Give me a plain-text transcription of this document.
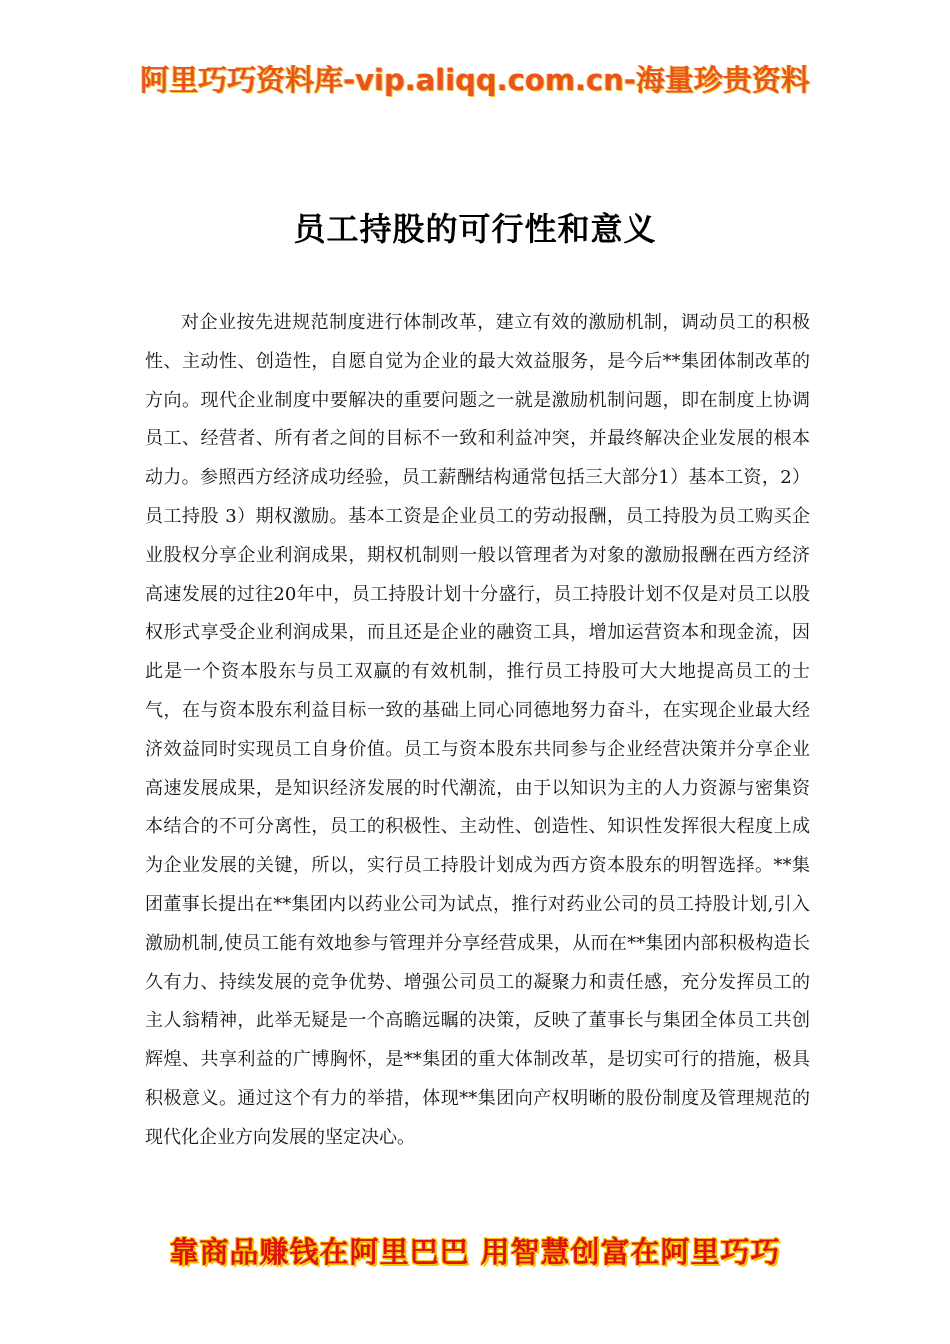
阿里巧巧资料库-vip.aliqq.com.cn-海量珍贵资料
员工持股的可行性和意义

对企业按先进规范制度进行体制改革，建立有效的激励机制，调动员工的积极性、主动性、创造性，自愿自觉为企业的最大效益服务，是今后**集团体制改革的方向。现代企业制度中要解决的重要问题之一就是激励机制问题，即在制度上协调员工、经营者、所有者之间的目标不一致和利益冲突，并最终解决企业发展的根本动力。参照西方经济成功经验，员工薪酬结构通常包括三大部分1）基本工资，2）员工持股 3）期权激励。基本工资是企业员工的劳动报酬，员工持股为员工购买企业股权分享企业利润成果，期权机制则一般以管理者为对象的激励报酬在西方经济高速发展的过往20年中，员工持股计划十分盛行，员工持股计划不仅是对员工以股权形式享受企业利润成果，而且还是企业的融资工具，增加运营资本和现金流，因此是一个资本股东与员工双赢的有效机制，推行员工持股可大大地提高员工的士气，在与资本股东利益目标一致的基础上同心同德地努力奋斗，在实现企业最大经济效益同时实现员工自身价值。员工与资本股东共同参与企业经营决策并分享企业高速发展成果，是知识经济发展的时代潮流，由于以知识为主的人力资源与密集资本结合的不可分离性，员工的积极性、主动性、创造性、知识性发挥很大程度上成为企业发展的关键，所以，实行员工持股计划成为西方资本股东的明智选择。**集团董事长提出在**集团内以药业公司为试点，推行对药业公司的员工持股计划,引入激励机制,使员工能有效地参与管理并分享经营成果，从而在**集团内部积极构造长久有力、持续发展的竞争优势、增强公司员工的凝聚力和责任感，充分发挥员工的主人翁精神，此举无疑是一个高瞻远瞩的决策，反映了董事长与集团全体员工共创辉煌、共享利益的广博胸怀，是**集团的重大体制改革，是切实可行的措施，极具积极意义。通过这个有力的举措，体现**集团向产权明晰的股份制度及管理规范的现代化企业方向发展的坚定决心。

靠商品赚钱在阿里巴巴 用智慧创富在阿里巧巧
